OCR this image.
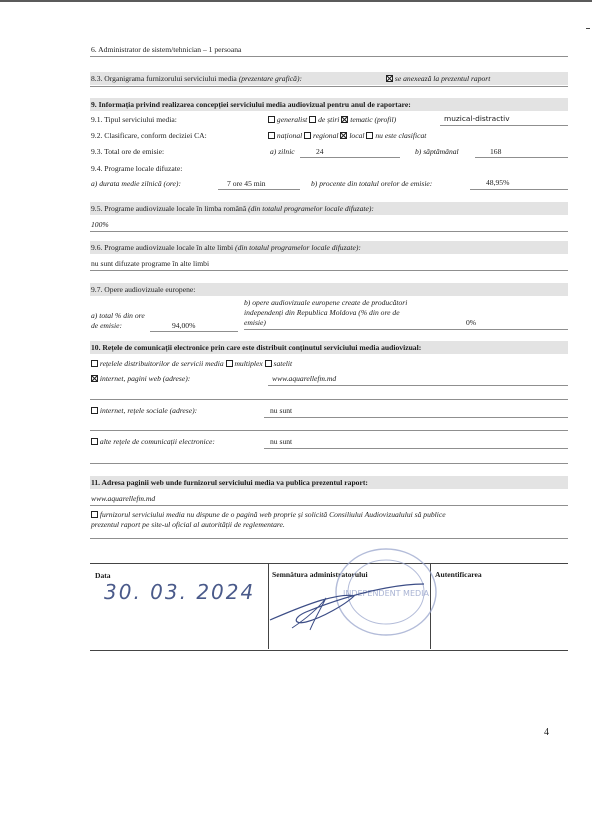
6. Administrator de sistem/tehnician – 1 persoana
8.3. Organigrama furnizorului serviciului media (prezentare grafică):	se anexează la prezentul raport
9. Informația privind realizarea concepției serviciului media audiovizual pentru anul de raportare:
9.1. Tipul serviciului media:	generalist de știri tematic (profil)	muzical-distractiv
9.2. Clasificare, conform deciziei CA:	național regional local nu este clasificat
9.3. Total ore de emisie:	a) zilnic	24	b) săptămânal	168
9.4. Programe locale difuzate:
a) durata medie zilnică (ore):	7 ore 45 min	b) procente din totalul orelor de emisie:	48,95%
9.5. Programe audiovizuale locale în limba română (din totalul programelor locale difuzate):
100%
9.6. Programe audiovizuale locale în alte limbi (din totalul programelor locale difuzate):
nu sunt difuzate programe în alte limbi
9.7. Opere audiovizuale europene:
a) total % din ore
de emisie:	94,00%
b) opere audiovizuale europene create de producători
independenți din Republica Moldova (% din ore de
emisie)	0%
10. Rețele de comunicații electronice prin care este distribuit conținutul serviciului media audiovizual:
rețelele distribuitorilor de servicii media multiplex satelit
internet, pagini web (adrese):	www.aquarellefm.md
internet, rețele sociale (adrese):	nu sunt
alte rețele de comunicații electronice:	nu sunt
11. Adresa paginii web unde furnizorul serviciului media va publica prezentul raport:
www.aquarellefm.md
furnizorul serviciului media nu dispune de o pagină web proprie și solicită Consiliului Audiovizualului să publice
prezentul raport pe site-ul oficial al autorității de reglementare.
Data
30. 03. 2024
Semnătura administratorului	Autentificarea
INDEPENDENT MEDIA
4
